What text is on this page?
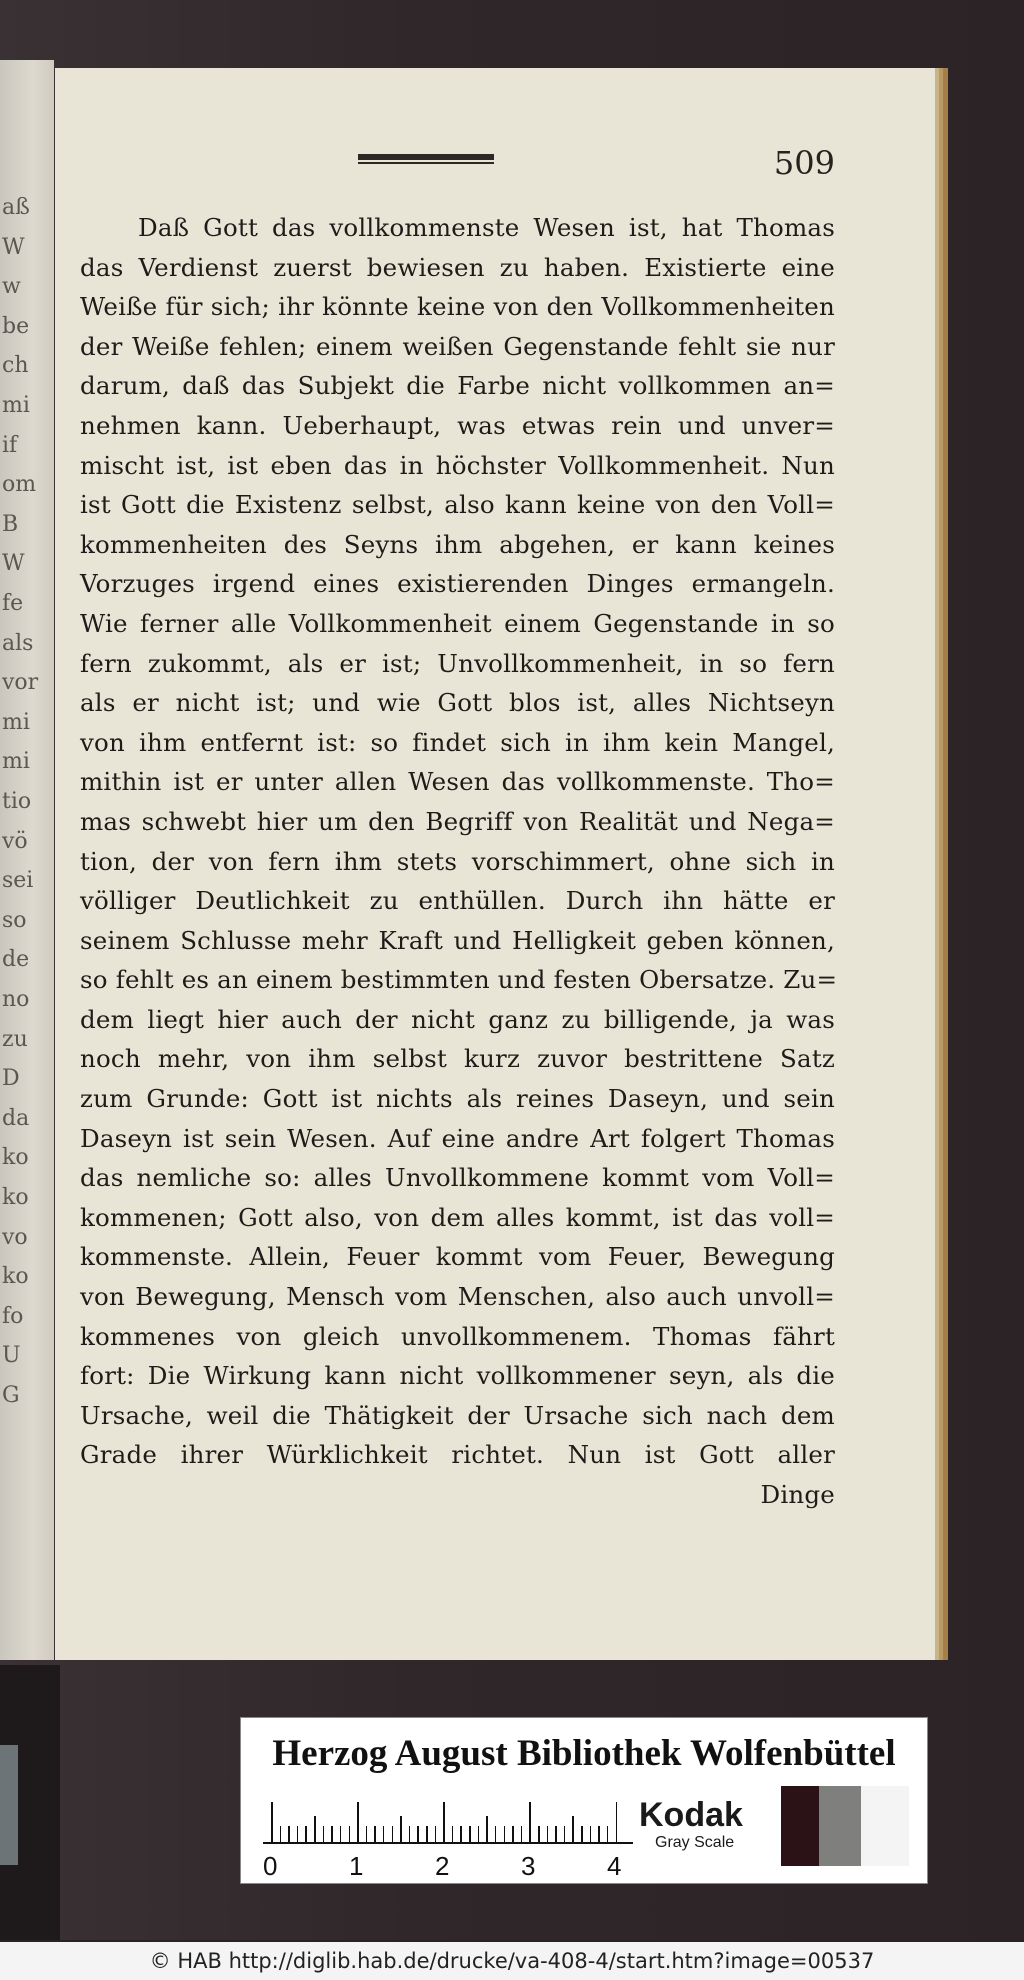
aß
W
w
be
ch
mi
if
om
B
W
fe
als
vor
mi
mi
tio
vö
sei
so
de
no
zu
D
da
ko
ko
vo
ko
fo
U
G
509
Daß Gott das vollkommenste Wesen ist, hat Thomas
das Verdienst zuerst bewiesen zu haben. Existierte eine
Weiße für sich; ihr könnte keine von den Vollkommenheiten
der Weiße fehlen; einem weißen Gegenstande fehlt sie nur
darum, daß das Subjekt die Farbe nicht vollkommen an=
nehmen kann. Ueberhaupt, was etwas rein und unver=
mischt ist, ist eben das in höchster Vollkommenheit. Nun
ist Gott die Existenz selbst, also kann keine von den Voll=
kommenheiten des Seyns ihm abgehen, er kann keines
Vorzuges irgend eines existierenden Dinges ermangeln.
Wie ferner alle Vollkommenheit einem Gegenstande in so
fern zukommt, als er ist; Unvollkommenheit, in so fern
als er nicht ist; und wie Gott blos ist, alles Nichtseyn
von ihm entfernt ist: so findet sich in ihm kein Mangel,
mithin ist er unter allen Wesen das vollkommenste. Tho=
mas schwebt hier um den Begriff von Realität und Nega=
tion, der von fern ihm stets vorschimmert, ohne sich in
völliger Deutlichkeit zu enthüllen. Durch ihn hätte er
seinem Schlusse mehr Kraft und Helligkeit geben können,
so fehlt es an einem bestimmten und festen Obersatze. Zu=
dem liegt hier auch der nicht ganz zu billigende, ja was
noch mehr, von ihm selbst kurz zuvor bestrittene Satz
zum Grunde: Gott ist nichts als reines Daseyn, und sein
Daseyn ist sein Wesen. Auf eine andre Art folgert Thomas
das nemliche so: alles Unvollkommene kommt vom Voll=
kommenen; Gott also, von dem alles kommt, ist das voll=
kommenste. Allein, Feuer kommt vom Feuer, Bewegung
von Bewegung, Mensch vom Menschen, also auch unvoll=
kommenes von gleich unvollkommenem. Thomas fährt
fort: Die Wirkung kann nicht vollkommener seyn, als die
Ursache, weil die Thätigkeit der Ursache sich nach dem
Grade ihrer Würklichkeit richtet. Nun ist Gott aller
Dinge
Herzog August Bibliothek Wolfenbüttel
0	1	2	3	4
Kodak
Gray Scale
© HAB http://diglib.hab.de/drucke/va-408-4/start.htm?image=00537
